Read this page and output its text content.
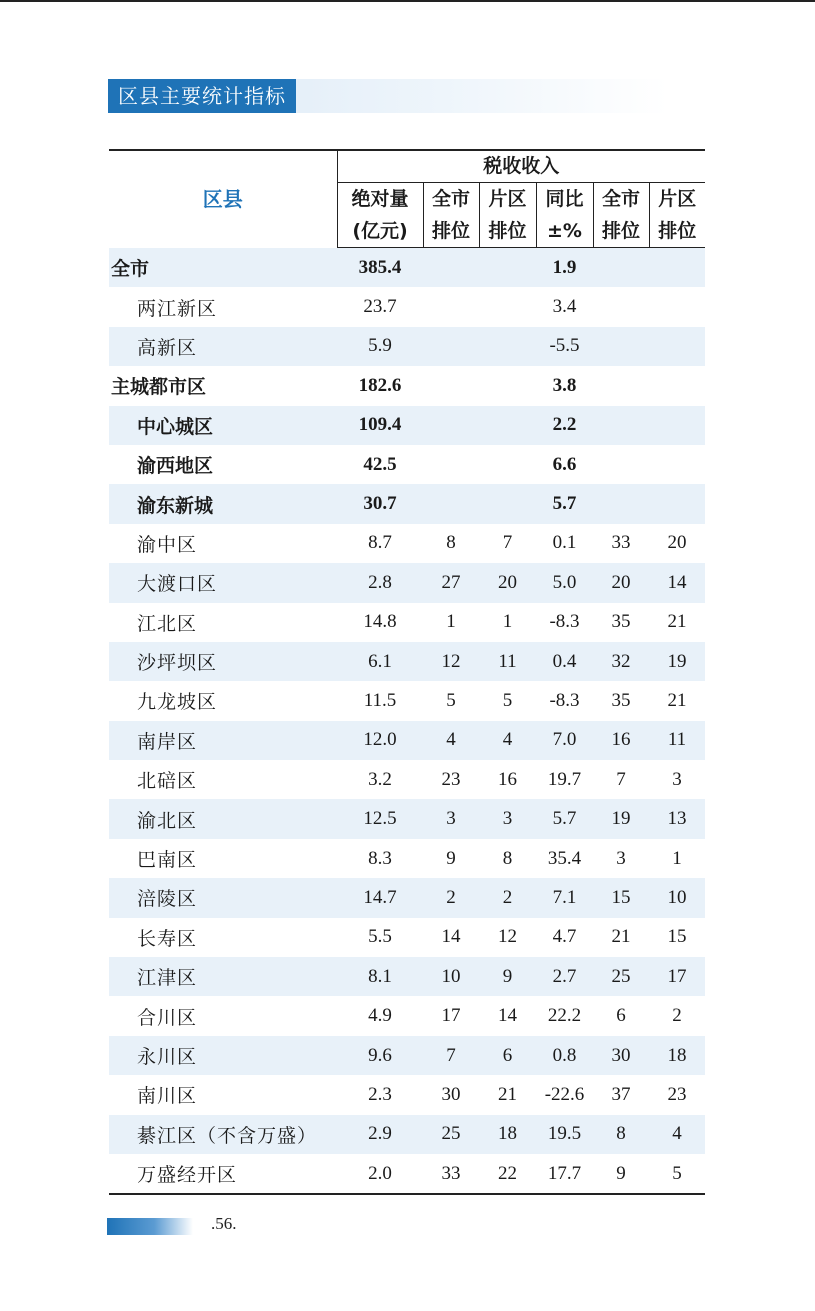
区县主要统计指标
区县	税收收入					
	绝对量	全市	片区	同比	全市	片区
	(亿元)	排位	排位	±%	排位	排位
全市	385.4			1.9		
两江新区	23.7			3.4		
高新区	5.9			-5.5		
主城都市区	182.6			3.8		
中心城区	109.4			2.2		
渝西地区	42.5			6.6		
渝东新城	30.7			5.7		
渝中区	8.7	8	7	0.1	33	20
大渡口区	2.8	27	20	5.0	20	14
江北区	14.8	1	1	-8.3	35	21
沙坪坝区	6.1	12	11	0.4	32	19
九龙坡区	11.5	5	5	-8.3	35	21
南岸区	12.0	4	4	7.0	16	11
北碚区	3.2	23	16	19.7	7	3
渝北区	12.5	3	3	5.7	19	13
巴南区	8.3	9	8	35.4	3	1
涪陵区	14.7	2	2	7.1	15	10
长寿区	5.5	14	12	4.7	21	15
江津区	8.1	10	9	2.7	25	17
合川区	4.9	17	14	22.2	6	2
永川区	9.6	7	6	0.8	30	18
南川区	2.3	30	21	-22.6	37	23
綦江区（不含万盛）	2.9	25	18	19.5	8	4
万盛经开区	2.0	33	22	17.7	9	5
.56.
